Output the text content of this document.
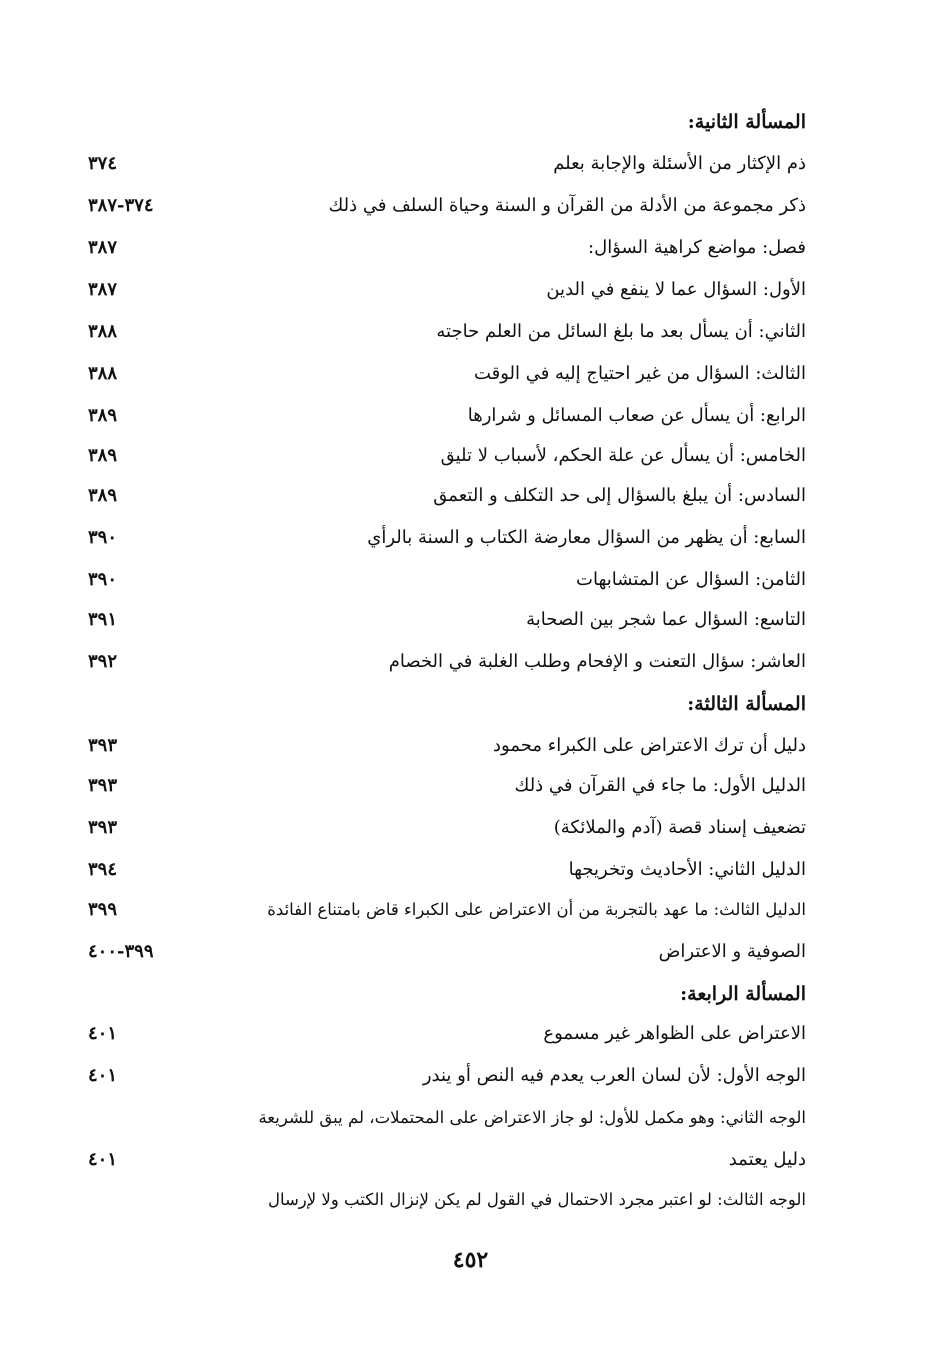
المسألة الثانية:
ذم الإكثار من الأسئلة والإجابة بعلم
٣٧٤
ذكر مجموعة من الأدلة من القرآن و السنة وحياة السلف في ذلك
٣٧٤-٣٨٧
فصل: مواضع كراهية السؤال:
٣٨٧
الأول: السؤال عما لا ينفع في الدين
٣٨٧
الثاني: أن يسأل بعد ما بلغ السائل من العلم حاجته
٣٨٨
الثالث: السؤال من غير احتياج إليه في الوقت
٣٨٨
الرابع: أن يسأل عن صعاب المسائل و شرارها
٣٨٩
الخامس: أن يسأل عن علة الحكم، لأسباب لا تليق
٣٨٩
السادس: أن يبلغ بالسؤال إلى حد التكلف و التعمق
٣٨٩
السابع: أن يظهر من السؤال معارضة الكتاب و السنة بالرأي
٣٩٠
الثامن: السؤال عن المتشابهات
٣٩٠
التاسع: السؤال عما شجر بين الصحابة
٣٩١
العاشر: سؤال التعنت و الإفحام وطلب الغلبة في الخصام
٣٩٢
المسألة الثالثة:
دليل أن ترك الاعتراض على الكبراء محمود
٣٩٣
الدليل الأول: ما جاء في القرآن في ذلك
٣٩٣
تضعيف إسناد قصة (آدم والملائكة)
٣٩٣
الدليل الثاني: الأحاديث وتخريجها
٣٩٤
الدليل الثالث: ما عهد بالتجربة من أن الاعتراض على الكبراء قاض بامتناع الفائدة
٣٩٩
الصوفية و الاعتراض
٣٩٩-٤٠٠
المسألة الرابعة:
الاعتراض على الظواهر غير مسموع
٤٠١
الوجه الأول: لأن لسان العرب يعدم فيه النص أو يندر
٤٠١
الوجه الثاني: وهو مكمل للأول: لو جاز الاعتراض على المحتملات، لم يبق للشريعة
دليل يعتمد
٤٠١
الوجه الثالث: لو اعتبر مجرد الاحتمال في القول لم يكن لإنزال الكتب ولا لإرسال
٤٥٢
